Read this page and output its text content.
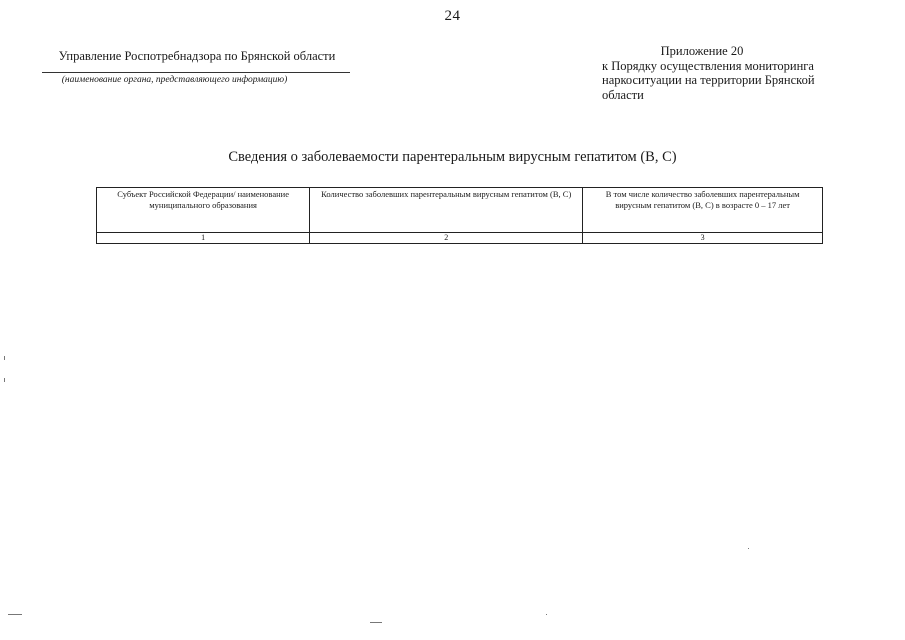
24
Управление Роспотребнадзора по Брянской области
(наименование органа, представляющего информацию)
Приложение 20
к Порядку осуществления мониторинга наркоситуации на территории Брянской области
Сведения о заболеваемости парентеральным вирусным гепатитом (В, С)
Субъект Российской Федерации/ наименование муниципального образования	Количество заболевших парентеральным вирусным гепатитом (В, С)	В том числе количество заболевших парентеральным вирусным гепатитом (В, С) в возрасте 0 – 17 лет
1	2	3
